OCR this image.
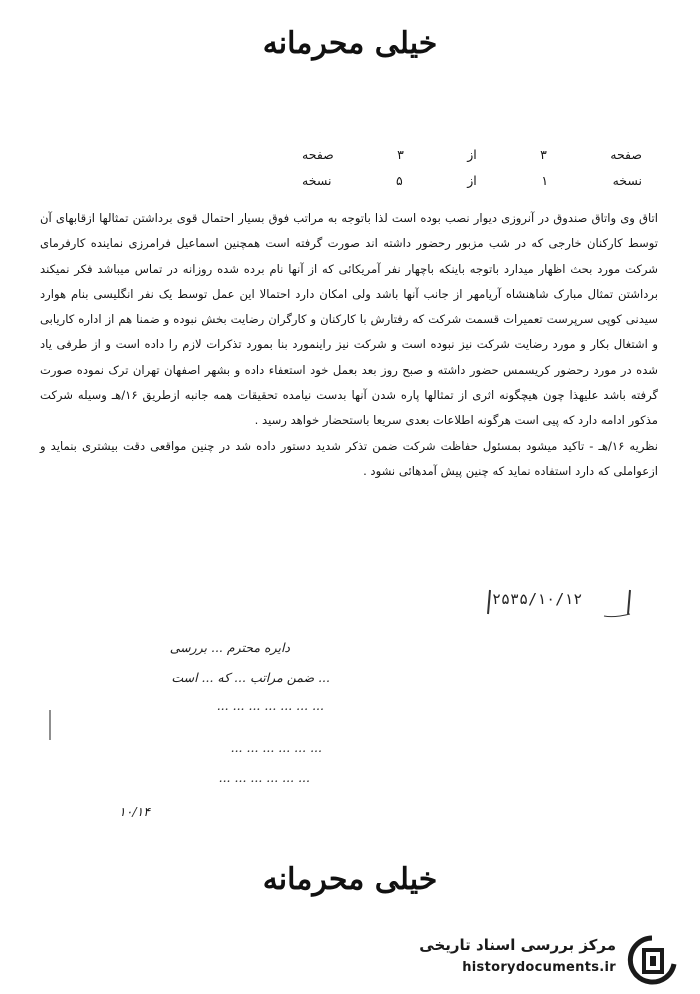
خیلی محرمانه
صفحه
۳
از
۳
صفحه
نسخه
۱
از
۵
نسخه

اتاق وی واتاق صندوق در آنروزی دیوار نصب بوده است لذا باتوجه به مراتب فوق بسیار احتمال قوی برداشتن تمثالها ازقابهای آن توسط کارکنان خارجی که در شب مزبور رحضور داشته اند صورت گرفته است همچنین اسماعیل فرامرزی نماینده کارفرمای شرکت مورد بحث اظهار میدارد باتوجه باینکه باچهار نفر آمریکائی که از آنها نام برده شده روزانه در تماس میباشد فکر نمیکند برداشتن تمثال مبارک شاهنشاه آریامهر از جانب آنها باشد ولی امکان دارد احتمالا این عمل توسط یک نفر انگلیسی بنام هوارد سیدنی کوپی سرپرست تعمیرات قسمت شرکت که رفتارش با کارکنان و کارگران رضایت بخش نبوده و ضمنا هم از اداره کاریابی و اشتغال بکار و مورد رضایت شرکت نیز نبوده است و شرکت نیز راینمورد بنا بمورد تذکرات لازم را داده است و از طرفی یاد شده در مورد رحضور کریسمس حضور داشته و صبح روز بعد بعمل خود استعفاء داده و بشهر اصفهان تهران ترک نموده صورت گرفته باشد علیهذا چون هیچگونه اثری از تمثالها پاره شدن آنها بدست نیامده تحقیقات همه جانبه ازطریق ۱۶/هـ وسیله شرکت مذکور ادامه دارد که پیی است هرگونه اطلاعات بعدی سریعا باستحضار خواهد رسید .

نظریه ۱۶/هـ - تاکید میشود بمسئول حفاظت شرکت ضمن تذکر شدید دستور داده شد در چنین مواقعی دقت بیشتری بنماید و ازعواملی که دارد استفاده نماید که چنین پیش آمدهائی نشود .

۲۵۳۵/۱۰/۱۲
دایره محترم ... بررسی
... ضمن مراتب ... که ... است
... ... ... ... ... ... ...
... ... ... ... ... ...
... ... ... ... ... ...
۱۰/۱۴
خیلی محرمانه
مرکز بررسی اسناد تاریخی
historydocuments.ir
